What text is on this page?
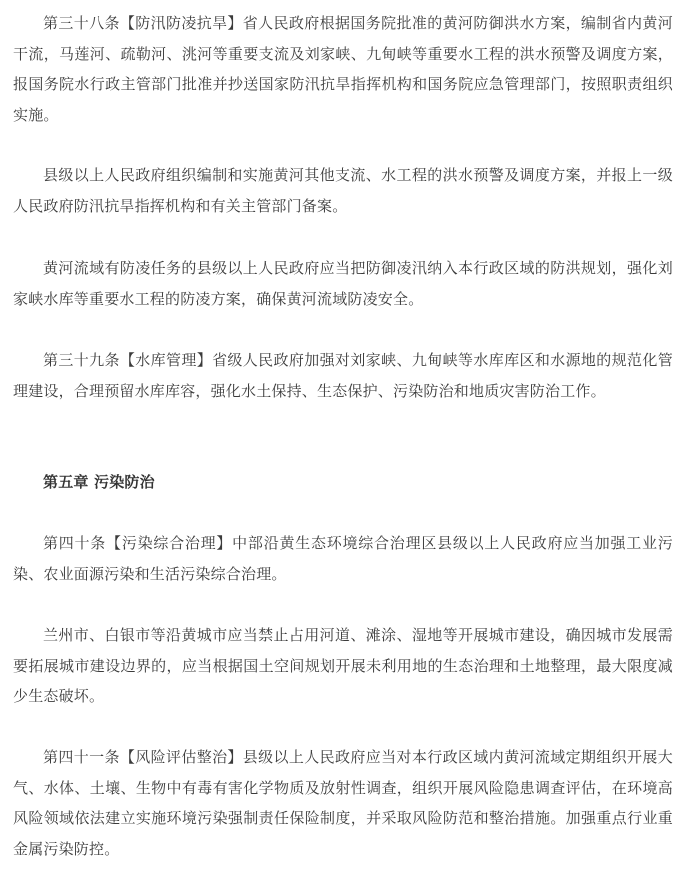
第三十八条【防汛防凌抗旱】省人民政府根据国务院批准的黄河防御洪水方案，编制省内黄河干流，马莲河、疏勒河、洮河等重要支流及刘家峡、九甸峡等重要水工程的洪水预警及调度方案，报国务院水行政主管部门批准并抄送国家防汛抗旱指挥机构和国务院应急管理部门，按照职责组织实施。

县级以上人民政府组织编制和实施黄河其他支流、水工程的洪水预警及调度方案，并报上一级人民政府防汛抗旱指挥机构和有关主管部门备案。

黄河流域有防凌任务的县级以上人民政府应当把防御凌汛纳入本行政区域的防洪规划，强化刘家峡水库等重要水工程的防凌方案，确保黄河流域防凌安全。

第三十九条【水库管理】省级人民政府加强对刘家峡、九甸峡等水库库区和水源地的规范化管理建设，合理预留水库库容，强化水土保持、生态保护、污染防治和地质灾害防治工作。

第五章 污染防治

第四十条【污染综合治理】中部沿黄生态环境综合治理区县级以上人民政府应当加强工业污染、农业面源污染和生活污染综合治理。

兰州市、白银市等沿黄城市应当禁止占用河道、滩涂、湿地等开展城市建设，确因城市发展需要拓展城市建设边界的，应当根据国土空间规划开展未利用地的生态治理和土地整理，最大限度减少生态破坏。

第四十一条【风险评估整治】县级以上人民政府应当对本行政区域内黄河流域定期组织开展大气、水体、土壤、生物中有毒有害化学物质及放射性调查，组织开展风险隐患调查评估，在环境高风险领域依法建立实施环境污染强制责任保险制度，并采取风险防范和整治措施。加强重点行业重金属污染防控。
